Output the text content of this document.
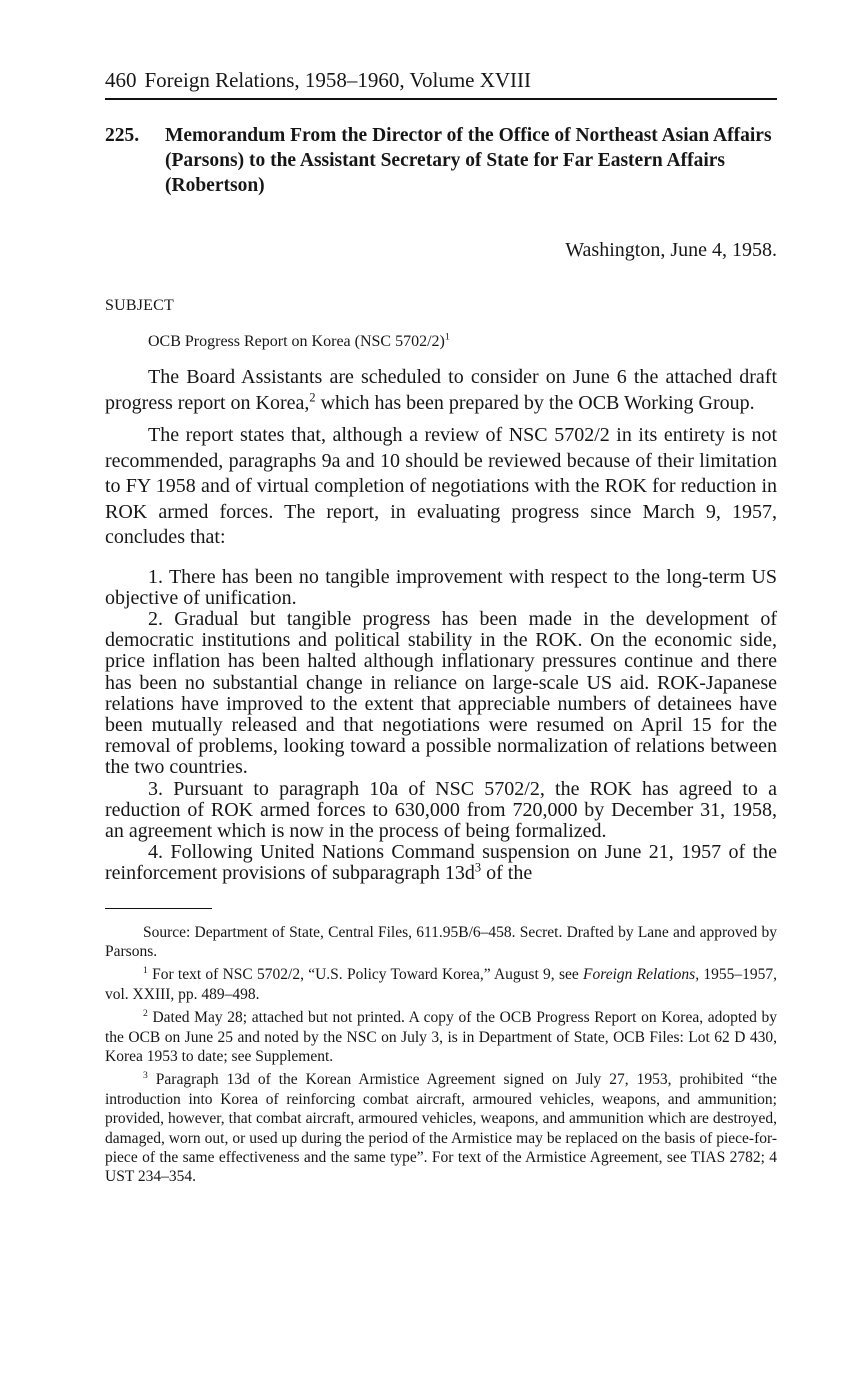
460 Foreign Relations, 1958–1960, Volume XVIII
225.	Memorandum From the Director of the Office of Northeast Asian Affairs (Parsons) to the Assistant Secretary of State for Far Eastern Affairs (Robertson)
Washington, June 4, 1958.
SUBJECT
OCB Progress Report on Korea (NSC 5702/2)$^1$

The Board Assistants are scheduled to consider on June 6 the attached draft progress report on Korea,$^2$ which has been prepared by the OCB Working Group.

The report states that, although a review of NSC 5702/2 in its entirety is not recommended, paragraphs 9a and 10 should be reviewed because of their limitation to FY 1958 and of virtual completion of negotiations with the ROK for reduction in ROK armed forces. The report, in evaluating progress since March 9, 1957, concludes that:

1. There has been no tangible improvement with respect to the long-term US objective of unification.

2. Gradual but tangible progress has been made in the development of democratic institutions and political stability in the ROK. On the economic side, price inflation has been halted although inflationary pressures continue and there has been no substantial change in reliance on large-scale US aid. ROK-Japanese relations have improved to the extent that appreciable numbers of detainees have been mutually released and that negotiations were resumed on April 15 for the removal of problems, looking toward a possible normalization of relations between the two countries.

3. Pursuant to paragraph 10a of NSC 5702/2, the ROK has agreed to a reduction of ROK armed forces to 630,000 from 720,000 by December 31, 1958, an agreement which is now in the process of being formalized.

4. Following United Nations Command suspension on June 21, 1957 of the reinforcement provisions of subparagraph $13d^3$ of the

Source: Department of State, Central Files, 611.95B/6–458. Secret. Drafted by Lane and approved by Parsons.

$^1$ For text of NSC 5702/2, “U.S. Policy Toward Korea,” August 9, see Foreign Relations, 1955–1957, vol. XXIII, pp. 489–498.

$^2$ Dated May 28; attached but not printed. A copy of the OCB Progress Report on Korea, adopted by the OCB on June 25 and noted by the NSC on July 3, is in Department of State, OCB Files: Lot 62 D 430, Korea 1953 to date; see Supplement.

$^3$ Paragraph 13d of the Korean Armistice Agreement signed on July 27, 1953, prohibited “the introduction into Korea of reinforcing combat aircraft, armoured vehicles, weapons, and ammunition; provided, however, that combat aircraft, armoured vehicles, weapons, and ammunition which are destroyed, damaged, worn out, or used up during the period of the Armistice may be replaced on the basis of piece-for-piece of the same effectiveness and the same type”. For text of the Armistice Agreement, see TIAS 2782; 4 UST 234–354.
